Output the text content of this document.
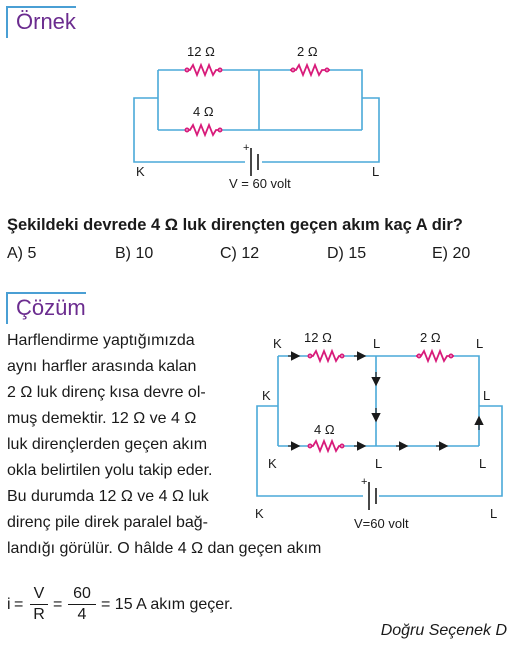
Örnek
12 Ω	2 Ω
4 Ω
+
K	L
V = 60 volt
Şekildeki devrede 4 Ω luk dirençten geçen akım kaç A dir?
A) 5	B) 10	C) 12	D) 15	E) 20
Çözüm
Harflendirme yaptığımızda
aynı harfler arasında kalan
2 Ω luk direnç kısa devre ol-
muş demektir. 12 Ω ve 4 Ω
luk dirençlerden geçen akım
okla belirtilen yolu takip eder.
Bu durumda 12 Ω ve 4 Ω luk
direnç pile direk paralel bağ-
landığı görülür. O hâlde 4 Ω dan geçen akım
12 Ω	2 Ω
4 Ω
K	L	L
K	L
K	L	L
K	L
+
V=60 volt
$i = \frac{V}{R} = \frac{60}{4} = 15$ A akım geçer.
Doğru Seçenek D
